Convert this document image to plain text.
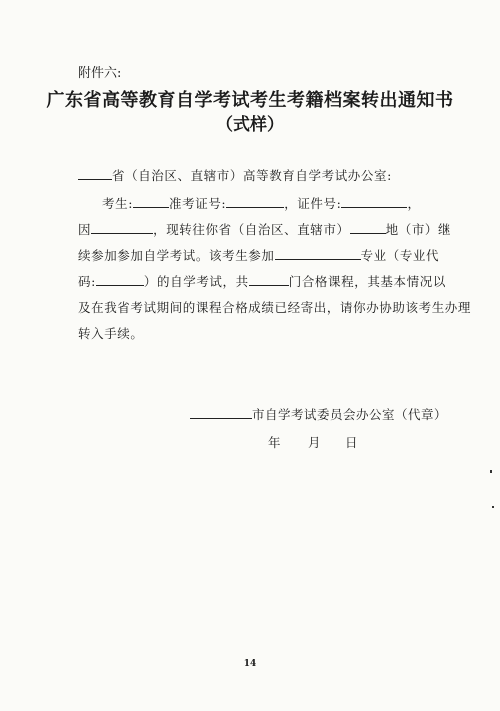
附件六:
广东省高等教育自学考试考生考籍档案转出通知书
（式样）
省（自治区、直辖市）高等教育自学考试办公室:
考生:	准考证号:	，证件号:	，
因	，现转往你省（自治区、直辖市）	地（市）继
续参加参加自学考试。该考生参加	专业（专业代
码:	）的自学考试，共	门合格课程，其基本情况以
及在我省考试期间的课程合格成绩已经寄出，请你办协助该考生办理
转入手续。
市自学考试委员会办公室（代章）
年 月 日
14
